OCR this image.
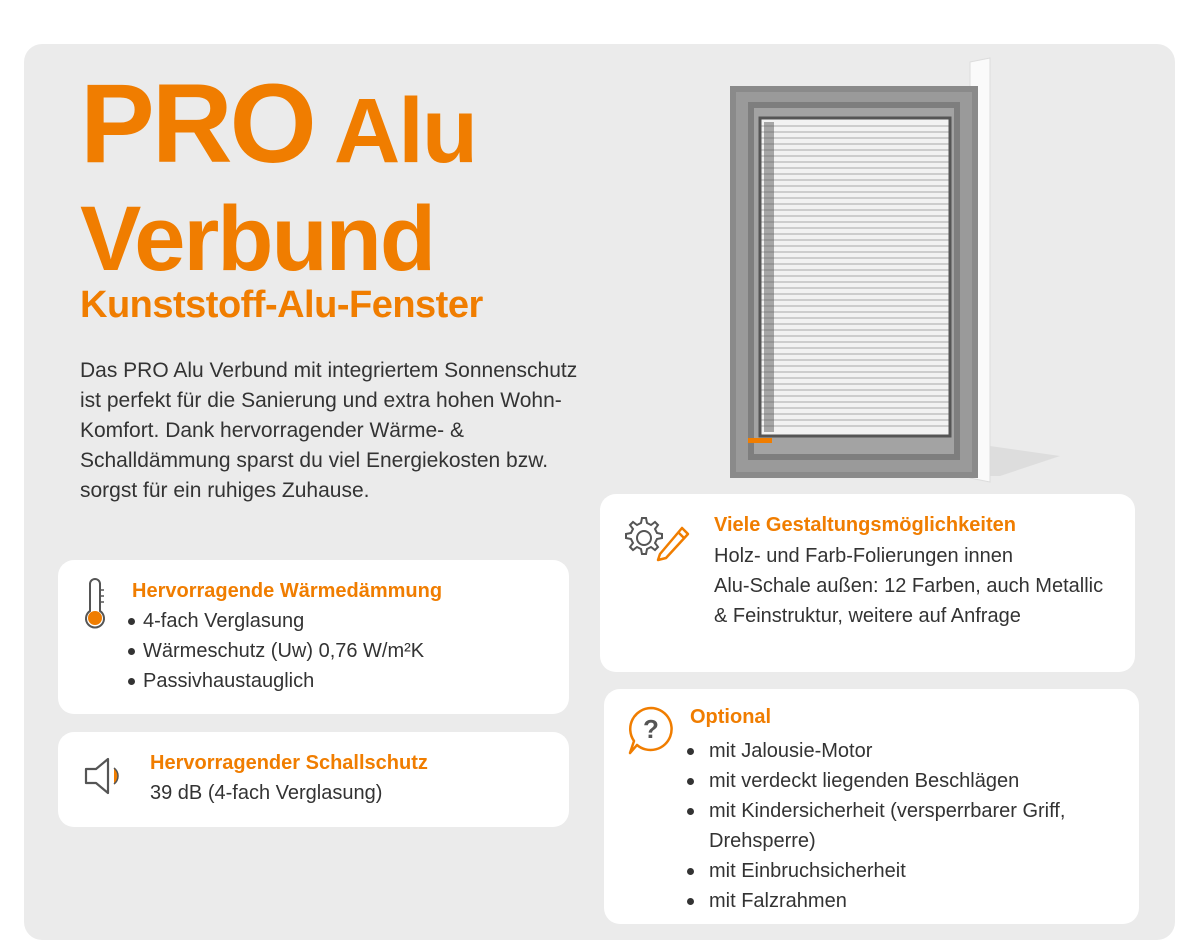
PRO Alu
Verbund
Kunststoff-Alu-Fenster

Das PRO Alu Verbund mit integriertem Sonnenschutz ist perfekt für die Sanierung und extra hohen Wohn-Komfort. Dank hervorragender Wärme- & Schalldämmung sparst du viel Energiekosten bzw. sorgst für ein ruhiges Zuhause.

Hervorragende Wärmedämmung
4-fach Verglasung
Wärmeschutz (Uw) 0,76 W/m²K
Passivhaustauglich
Hervorragender Schallschutz

39 dB (4-fach Verglasung)

Viele Gestaltungsmöglichkeiten

Holz- und Farb-Folierungen innen

Alu-Schale außen: 12 Farben, auch Metallic

& Feinstruktur, weitere auf Anfrage

? Optional
mit Jalousie-Motor
mit verdeckt liegenden Beschlägen
mit Kindersicherheit (versperrbarer Griff, Drehsperre)
mit Einbruchsicherheit
mit Falzrahmen
